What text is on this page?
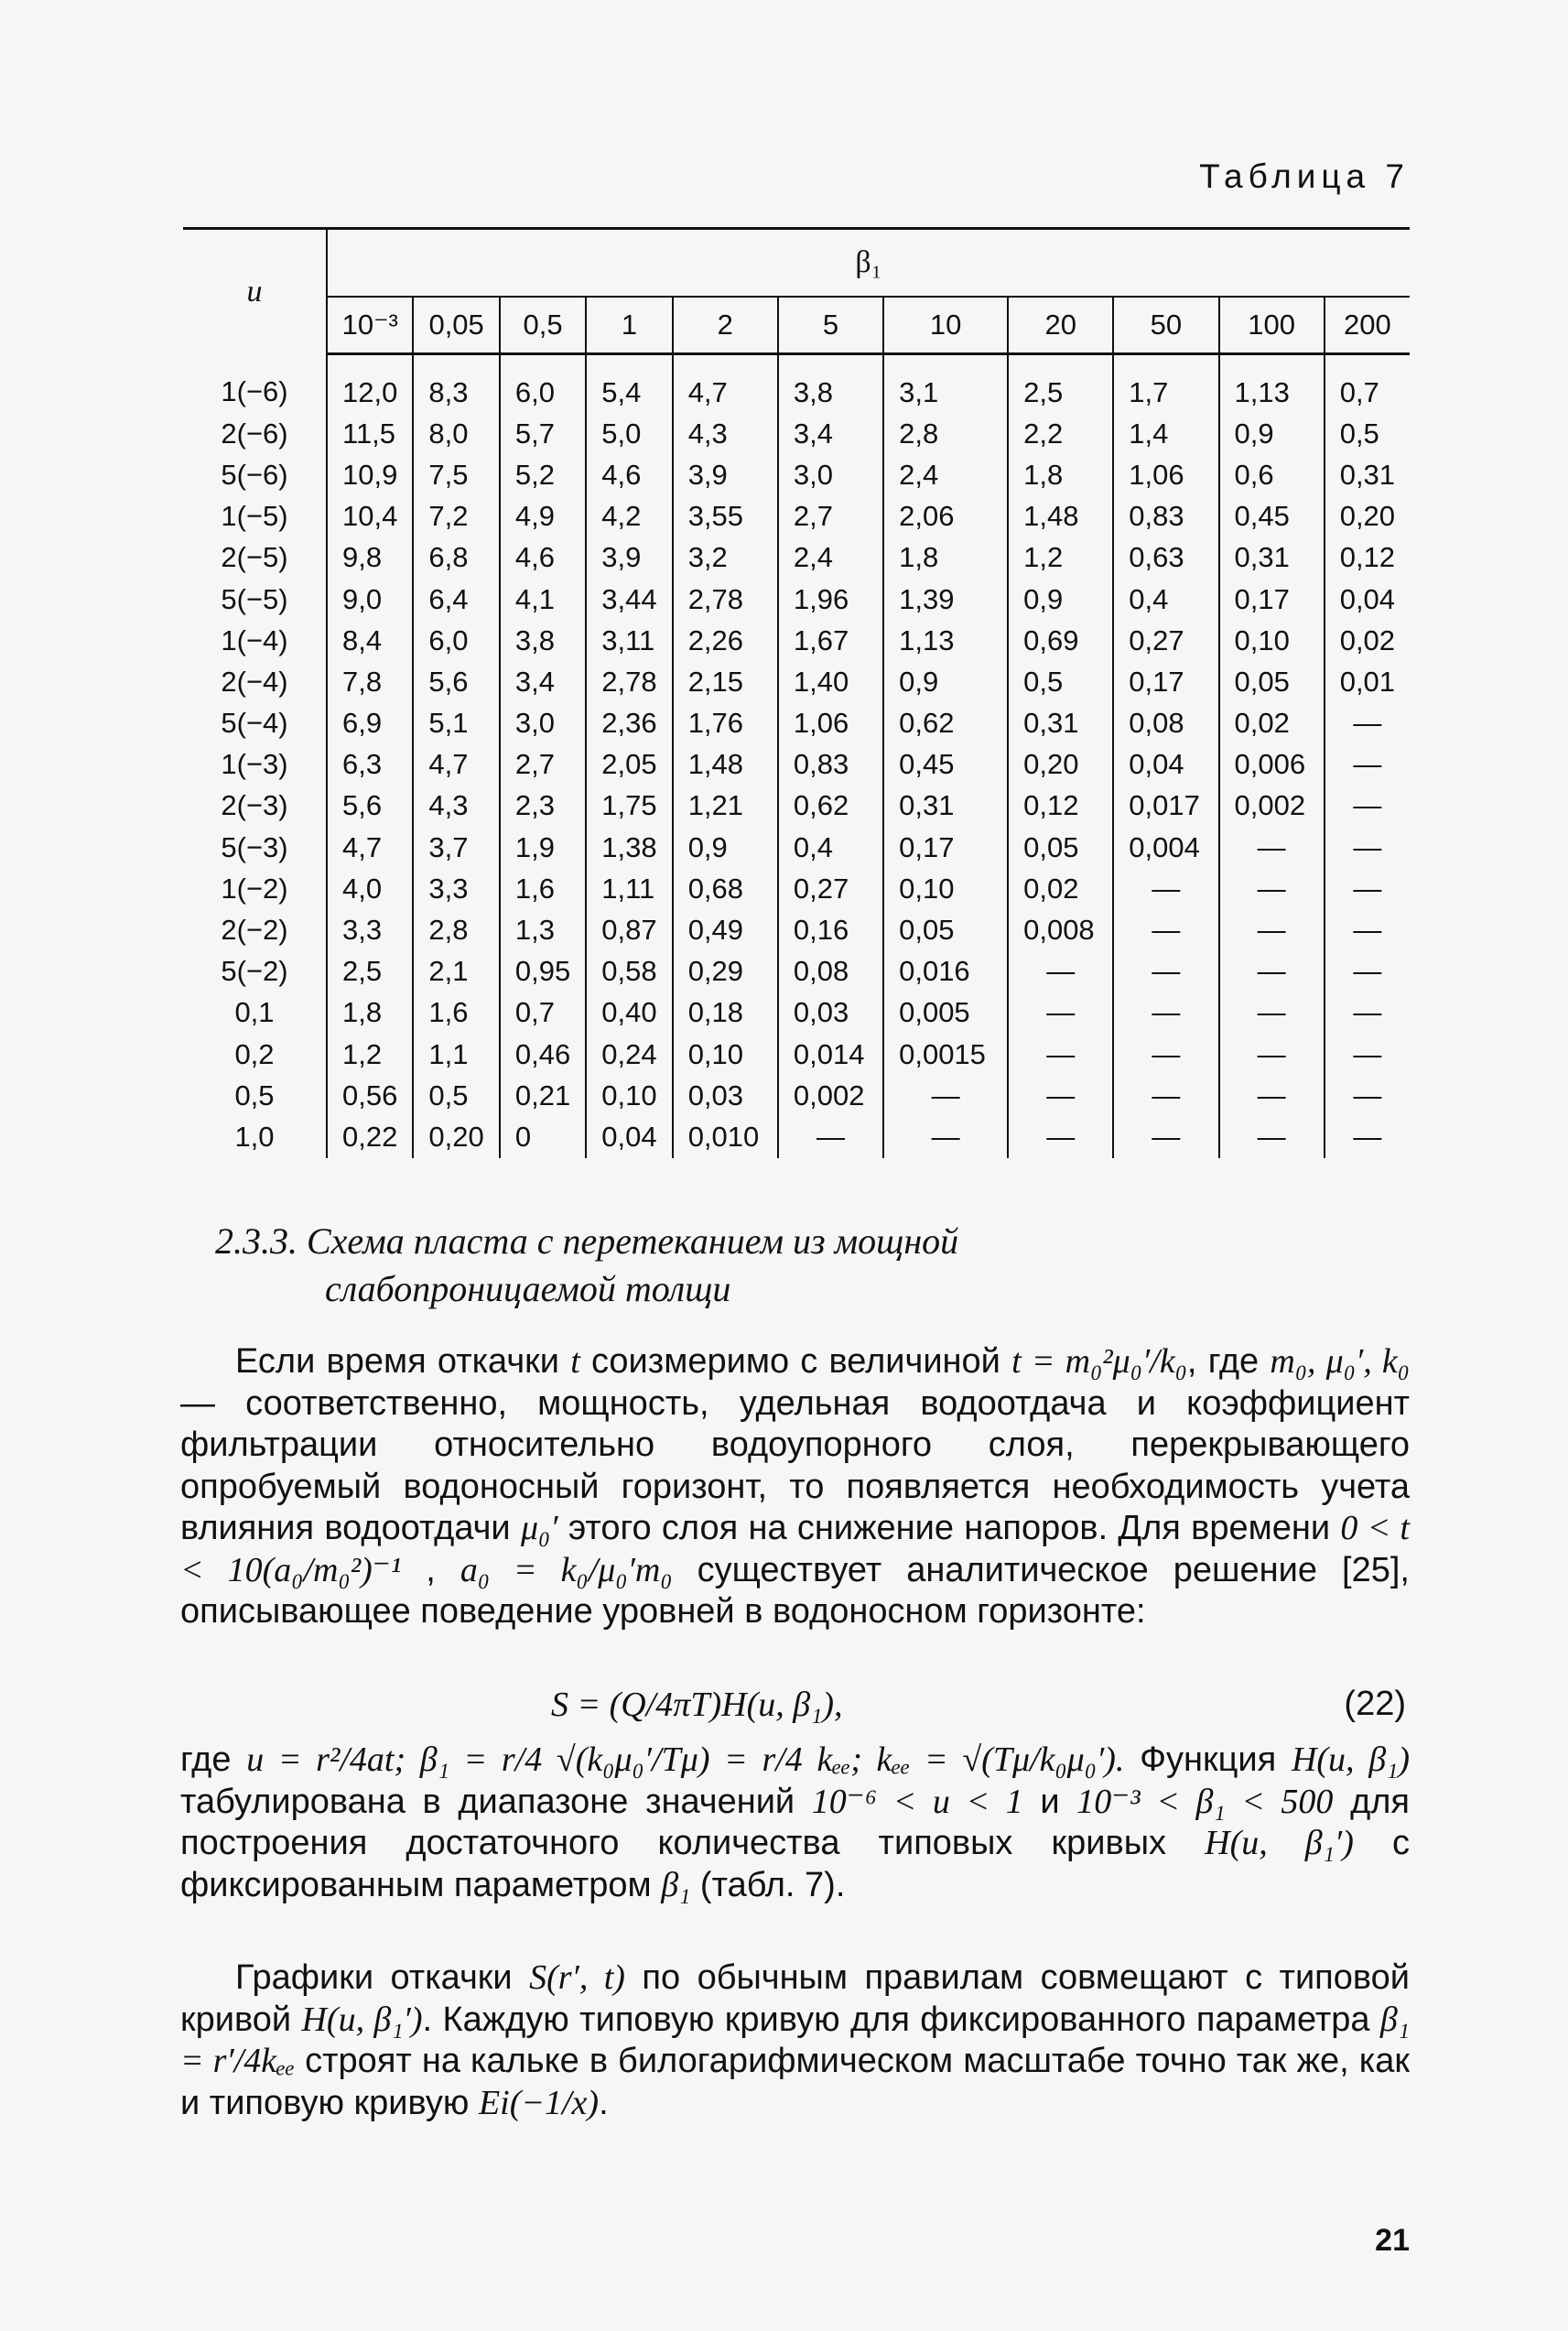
Таблица 7
u	β₁										
	10⁻³	0,05	0,5	1	2	5	10	20	50	100	200
1(−6)	12,0	8,3	6,0	5,4	4,7	3,8	3,1	2,5	1,7	1,13	0,7
2(−6)	11,5	8,0	5,7	5,0	4,3	3,4	2,8	2,2	1,4	0,9	0,5
5(−6)	10,9	7,5	5,2	4,6	3,9	3,0	2,4	1,8	1,06	0,6	0,31
1(−5)	10,4	7,2	4,9	4,2	3,55	2,7	2,06	1,48	0,83	0,45	0,20
2(−5)	9,8	6,8	4,6	3,9	3,2	2,4	1,8	1,2	0,63	0,31	0,12
5(−5)	9,0	6,4	4,1	3,44	2,78	1,96	1,39	0,9	0,4	0,17	0,04
1(−4)	8,4	6,0	3,8	3,11	2,26	1,67	1,13	0,69	0,27	0,10	0,02
2(−4)	7,8	5,6	3,4	2,78	2,15	1,40	0,9	0,5	0,17	0,05	0,01
5(−4)	6,9	5,1	3,0	2,36	1,76	1,06	0,62	0,31	0,08	0,02	—
1(−3)	6,3	4,7	2,7	2,05	1,48	0,83	0,45	0,20	0,04	0,006	—
2(−3)	5,6	4,3	2,3	1,75	1,21	0,62	0,31	0,12	0,017	0,002	—
5(−3)	4,7	3,7	1,9	1,38	0,9	0,4	0,17	0,05	0,004	—	—
1(−2)	4,0	3,3	1,6	1,11	0,68	0,27	0,10	0,02	—	—	—
2(−2)	3,3	2,8	1,3	0,87	0,49	0,16	0,05	0,008	—	—	—
5(−2)	2,5	2,1	0,95	0,58	0,29	0,08	0,016	—	—	—	—
0,1	1,8	1,6	0,7	0,40	0,18	0,03	0,005	—	—	—	—
0,2	1,2	1,1	0,46	0,24	0,10	0,014	0,0015	—	—	—	—
0,5	0,56	0,5	0,21	0,10	0,03	0,002	—	—	—	—	—
1,0	0,22	0,20	0	0,04	0,010	—	—	—	—	—	—
2.3.3. Схема пласта с перетеканием из мощной
слабопроницаемой толщи
Если время откачки t соизмеримо с величиной t = m₀²μ₀′/k₀, где m₀, μ₀′, k₀ — соответственно, мощность, удельная водоотдача и коэффициент фильтрации относительно водоупорного слоя, перекрывающего опробуемый водоносный горизонт, то появляется необходимость учета влияния водоотдачи μ₀′ этого слоя на снижение напоров. Для времени 0 < t < 10(a₀/m₀²)⁻¹ , a₀ = k₀/μ₀′m₀ существует аналитическое решение [25], описывающее поведение уровней в водоносном горизонте:
S = (Q/4πT)H(u, β₁),	(22)
где u = r²/4at; β₁ = r/4 √(k₀μ₀′/Tμ) = r/4 kₑₑ; kₑₑ = √(Tμ/k₀μ₀′). Функция H(u, β₁) табулирована в диапазоне значений 10⁻⁶ < u < 1 и 10⁻³ < β₁ < 500 для построения достаточного количества типовых кривых H(u, β₁′) с фиксированным параметром β₁ (табл. 7).
Графики откачки S(r′, t) по обычным правилам совмещают с типовой кривой H(u, β₁′). Каждую типовую кривую для фиксированного параметра β₁ = r′/4kₑₑ строят на кальке в билогарифмическом масштабе точно так же, как и типовую кривую Ei(−1/x).
21
